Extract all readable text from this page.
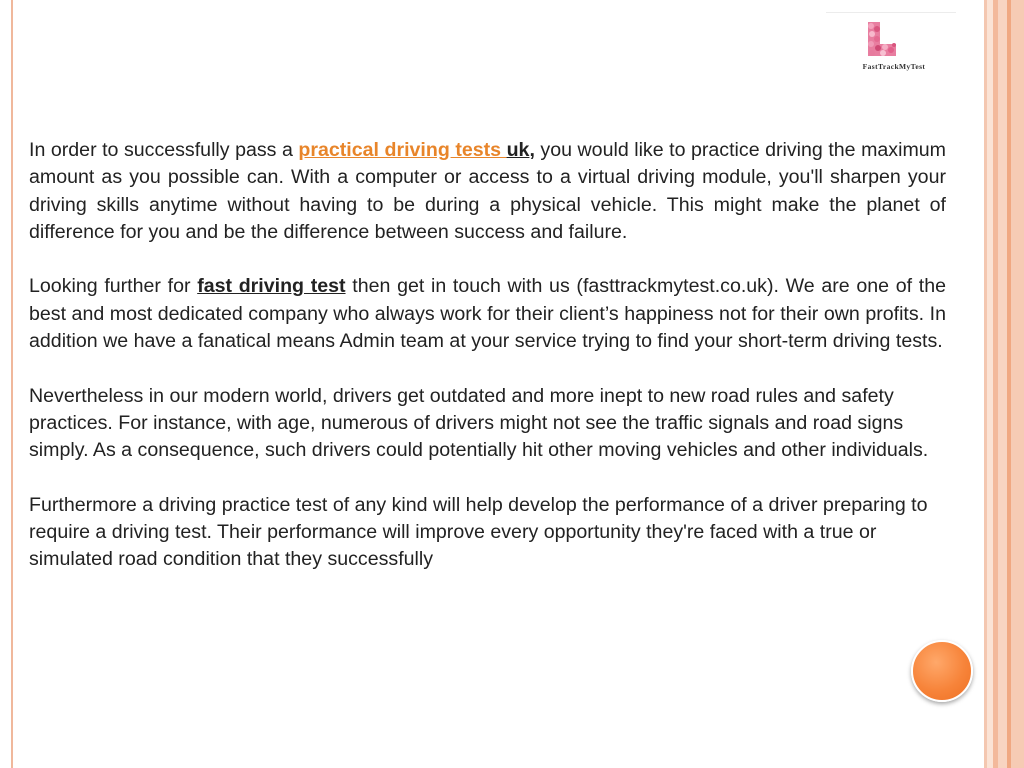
FastTrackMyTest

In order to successfully pass a practical driving tests uk, you would like to practice driving the maximum amount as you possible can. With a computer or access to a virtual driving module, you'll sharpen your driving skills anytime without having to be during a physical vehicle. This might make the planet of difference for you and be the difference between success and failure.

Looking further for fast driving test then get in touch with us (fasttrackmytest.co.uk). We are one of the best and most dedicated company who always work for their client’s happiness not for their own profits. In addition we have a fanatical means Admin team at your service trying to find your short-term driving tests.

Nevertheless in our modern world, drivers get outdated and more inept to new road rules and safety practices. For instance, with age, numerous of drivers might not see the traffic signals and road signs simply. As a consequence, such drivers could potentially hit other moving vehicles and other individuals.

Furthermore a driving practice test of any kind will help develop the performance of a driver preparing to require a driving test. Their performance will improve every opportunity they're faced with a true or simulated road condition that they successfully
